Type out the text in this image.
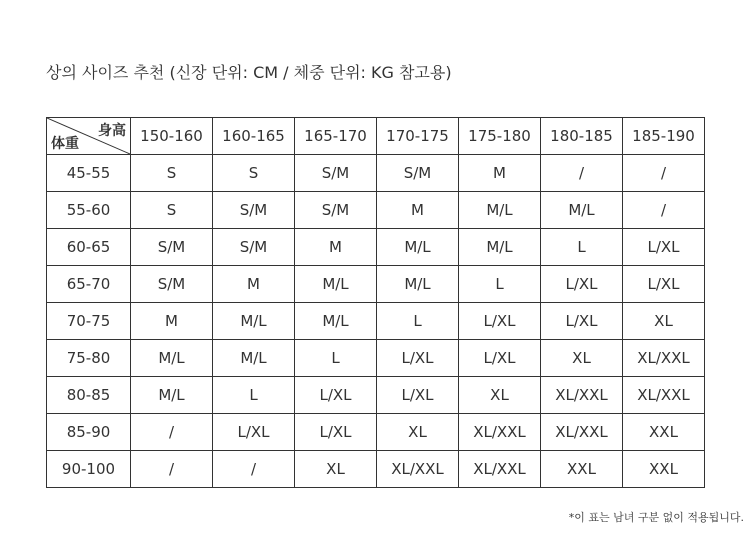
상의 사이즈 추천 (신장 단위: CM / 체중 단위: KG 참고용)
身高
体重	150-160	160-165	165-170	170-175	175-180	180-185	185-190
45-55	S	S	S/M	S/M	M	/	/
55-60	S	S/M	S/M	M	M/L	M/L	/
60-65	S/M	S/M	M	M/L	M/L	L	L/XL
65-70	S/M	M	M/L	M/L	L	L/XL	L/XL
70-75	M	M/L	M/L	L	L/XL	L/XL	XL
75-80	M/L	M/L	L	L/XL	L/XL	XL	XL/XXL
80-85	M/L	L	L/XL	L/XL	XL	XL/XXL	XL/XXL
85-90	/	L/XL	L/XL	XL	XL/XXL	XL/XXL	XXL
90-100	/	/	XL	XL/XXL	XL/XXL	XXL	XXL
*이 표는 남녀 구분 없이 적용됩니다.
